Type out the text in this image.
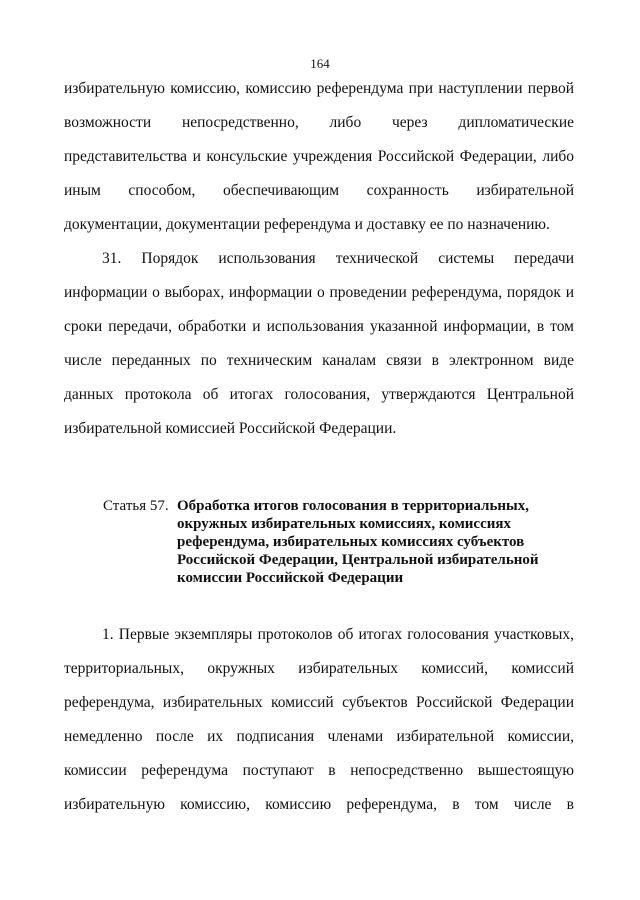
164
избирательную комиссию, комиссию референдума при наступлении первой
возможности непосредственно, либо через дипломатические
представительства и консульские учреждения Российской Федерации, либо
иным способом, обеспечивающим сохранность избирательной
документации, документации референдума и доставку ее по назначению.
31. Порядок использования технической системы передачи
информации о выборах, информации о проведении референдума, порядок и
сроки передачи, обработки и использования указанной информации, в том
числе переданных по техническим каналам связи в электронном виде
данных протокола об итогах голосования, утверждаются Центральной
избирательной комиссией Российской Федерации.
Статья 57. Обработка итогов голосования в территориальных,
окружных избирательных комиссиях, комиссиях
референдума, избирательных комиссиях субъектов
Российской Федерации, Центральной избирательной
комиссии Российской Федерации
1. Первые экземпляры протоколов об итогах голосования участковых,
территориальных, окружных избирательных комиссий, комиссий
референдума, избирательных комиссий субъектов Российской Федерации
немедленно после их подписания членами избирательной комиссии,
комиссии референдума поступают в непосредственно вышестоящую
избирательную комиссию, комиссию референдума, в том числе в
